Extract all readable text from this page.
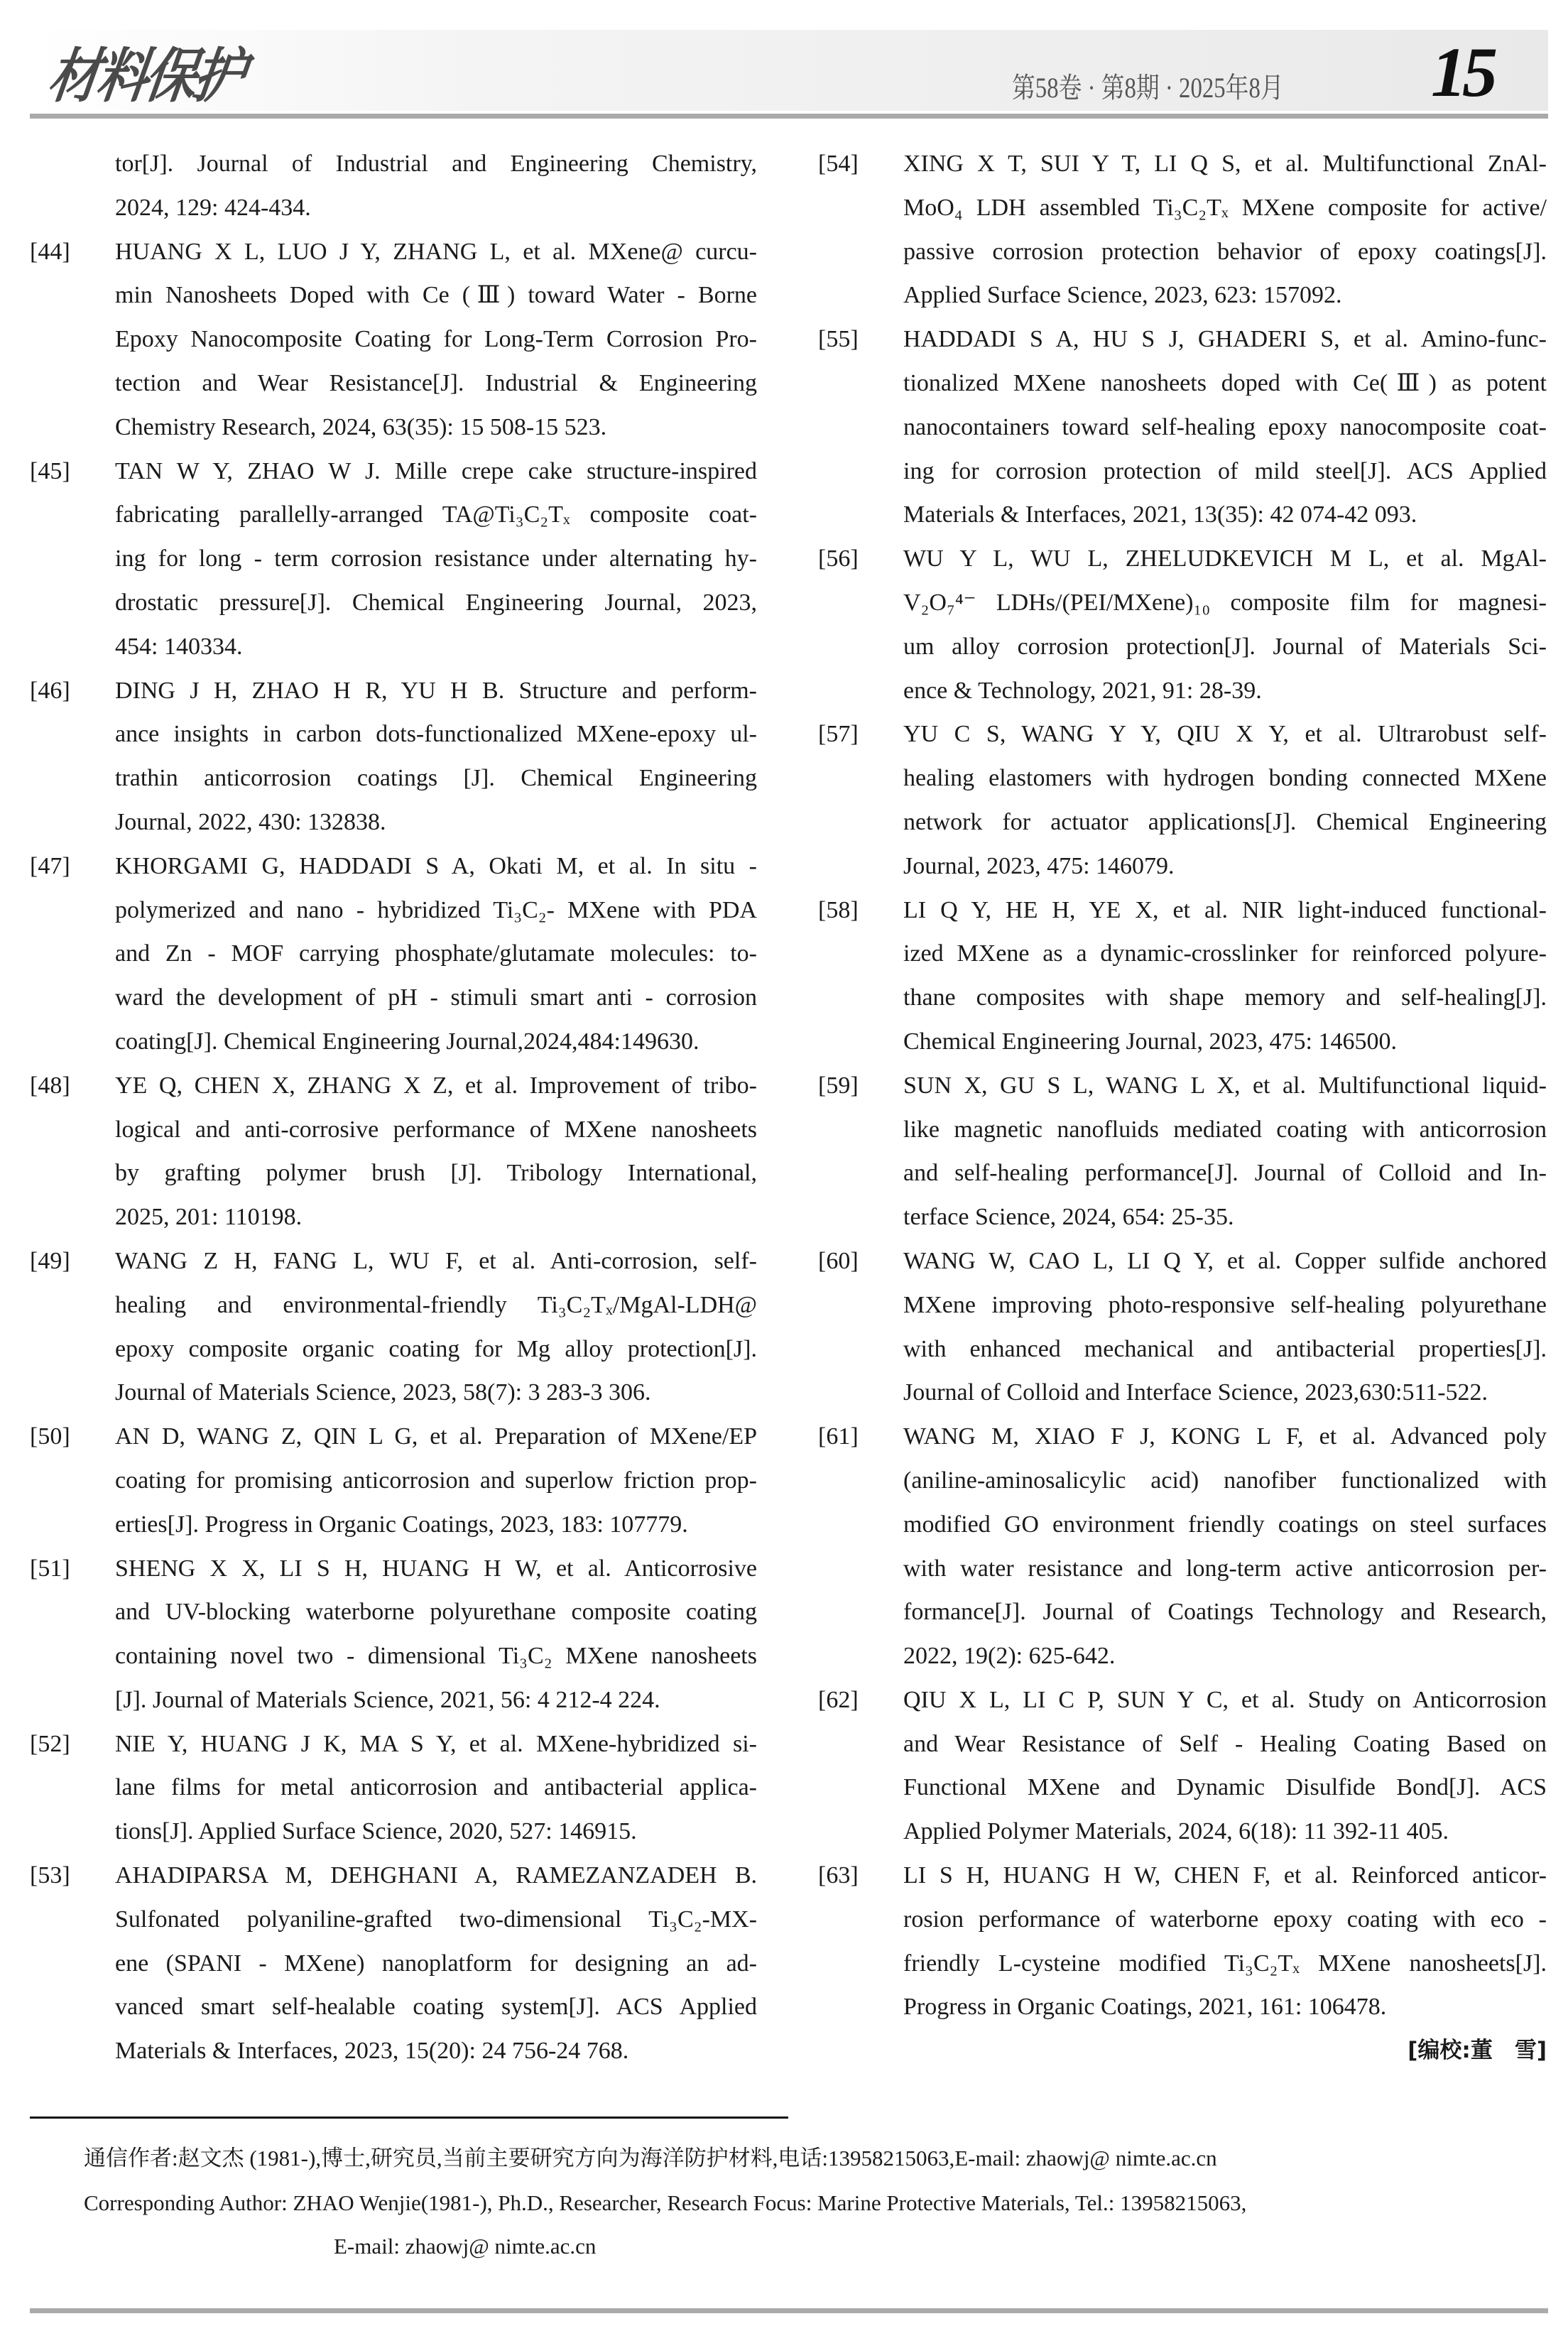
材料保护	第58卷 · 第8期 · 2025年8月 15
tor[J]. Journal of Industrial and Engineering Chemistry,
2024, 129: 424-434.
[44] HUANG X L, LUO J Y, ZHANG L, et al. MXene@ curcu-
min Nanosheets Doped with Ce (Ⅲ) toward Water - Borne
Epoxy Nanocomposite Coating for Long-Term Corrosion Pro-
tection and Wear Resistance[J]. Industrial & Engineering
Chemistry Research, 2024, 63(35): 15 508-15 523.
[45] TAN W Y, ZHAO W J. Mille crepe cake structure-inspired
fabricating parallelly-arranged TA@Ti₃C₂Tₓ composite coat-
ing for long - term corrosion resistance under alternating hy-
drostatic pressure[J]. Chemical Engineering Journal, 2023,
454: 140334.
[46] DING J H, ZHAO H R, YU H B. Structure and perform-
ance insights in carbon dots-functionalized MXene-epoxy ul-
trathin anticorrosion coatings [J]. Chemical Engineering
Journal, 2022, 430: 132838.
[47] KHORGAMI G, HADDADI S A, Okati M, et al. In situ -
polymerized and nano - hybridized Ti₃C₂- MXene with PDA
and Zn - MOF carrying phosphate/glutamate molecules: to-
ward the development of pH - stimuli smart anti - corrosion
coating[J]. Chemical Engineering Journal,2024,484:149630.
[48] YE Q, CHEN X, ZHANG X Z, et al. Improvement of tribo-
logical and anti-corrosive performance of MXene nanosheets
by grafting polymer brush [J]. Tribology International,
2025, 201: 110198.
[49] WANG Z H, FANG L, WU F, et al. Anti-corrosion, self-
healing and environmental-friendly Ti₃C₂Tₓ/MgAl-LDH@
epoxy composite organic coating for Mg alloy protection[J].
Journal of Materials Science, 2023, 58(7): 3 283-3 306.
[50] AN D, WANG Z, QIN L G, et al. Preparation of MXene/EP
coating for promising anticorrosion and superlow friction prop-
erties[J]. Progress in Organic Coatings, 2023, 183: 107779.
[51] SHENG X X, LI S H, HUANG H W, et al. Anticorrosive
and UV-blocking waterborne polyurethane composite coating
containing novel two - dimensional Ti₃C₂ MXene nanosheets
[J]. Journal of Materials Science, 2021, 56: 4 212-4 224.
[52] NIE Y, HUANG J K, MA S Y, et al. MXene-hybridized si-
lane films for metal anticorrosion and antibacterial applica-
tions[J]. Applied Surface Science, 2020, 527: 146915.
[53] AHADIPARSA M, DEHGHANI A, RAMEZANZADEH B.
Sulfonated polyaniline-grafted two-dimensional Ti₃C₂-MX-
ene (SPANI - MXene) nanoplatform for designing an ad-
vanced smart self-healable coating system[J]. ACS Applied
Materials & Interfaces, 2023, 15(20): 24 756-24 768.
[54] XING X T, SUI Y T, LI Q S, et al. Multifunctional ZnAl-
MoO₄ LDH assembled Ti₃C₂Tₓ MXene composite for active/
passive corrosion protection behavior of epoxy coatings[J].
Applied Surface Science, 2023, 623: 157092.
[55] HADDADI S A, HU S J, GHADERI S, et al. Amino-func-
tionalized MXene nanosheets doped with Ce(Ⅲ) as potent
nanocontainers toward self-healing epoxy nanocomposite coat-
ing for corrosion protection of mild steel[J]. ACS Applied
Materials & Interfaces, 2021, 13(35): 42 074-42 093.
[56] WU Y L, WU L, ZHELUDKEVICH M L, et al. MgAl-
V₂O₇⁴⁻ LDHs/(PEI/MXene)₁₀ composite film for magnesi-
um alloy corrosion protection[J]. Journal of Materials Sci-
ence & Technology, 2021, 91: 28-39.
[57] YU C S, WANG Y Y, QIU X Y, et al. Ultrarobust self-
healing elastomers with hydrogen bonding connected MXene
network for actuator applications[J]. Chemical Engineering
Journal, 2023, 475: 146079.
[58] LI Q Y, HE H, YE X, et al. NIR light-induced functional-
ized MXene as a dynamic-crosslinker for reinforced polyure-
thane composites with shape memory and self-healing[J].
Chemical Engineering Journal, 2023, 475: 146500.
[59] SUN X, GU S L, WANG L X, et al. Multifunctional liquid-
like magnetic nanofluids mediated coating with anticorrosion
and self-healing performance[J]. Journal of Colloid and In-
terface Science, 2024, 654: 25-35.
[60] WANG W, CAO L, LI Q Y, et al. Copper sulfide anchored
MXene improving photo-responsive self-healing polyurethane
with enhanced mechanical and antibacterial properties[J].
Journal of Colloid and Interface Science, 2023,630:511-522.
[61] WANG M, XIAO F J, KONG L F, et al. Advanced poly
(aniline-aminosalicylic acid) nanofiber functionalized with
modified GO environment friendly coatings on steel surfaces
with water resistance and long-term active anticorrosion per-
formance[J]. Journal of Coatings Technology and Research,
2022, 19(2): 625-642.
[62] QIU X L, LI C P, SUN Y C, et al. Study on Anticorrosion
and Wear Resistance of Self - Healing Coating Based on
Functional MXene and Dynamic Disulfide Bond[J]. ACS
Applied Polymer Materials, 2024, 6(18): 11 392-11 405.
[63] LI S H, HUANG H W, CHEN F, et al. Reinforced anticor-
rosion performance of waterborne epoxy coating with eco -
friendly L-cysteine modified Ti₃C₂Tₓ MXene nanosheets[J].
Progress in Organic Coatings, 2021, 161: 106478.
[编校:董　雪]
通信作者:赵文杰 (1981-),博士,研究员,当前主要研究方向为海洋防护材料,电话:13958215063,E-mail: zhaowj@ nimte.ac.cn
Corresponding Author: ZHAO Wenjie(1981-), Ph.D., Researcher, Research Focus: Marine Protective Materials, Tel.: 13958215063,
E-mail: zhaowj@ nimte.ac.cn
